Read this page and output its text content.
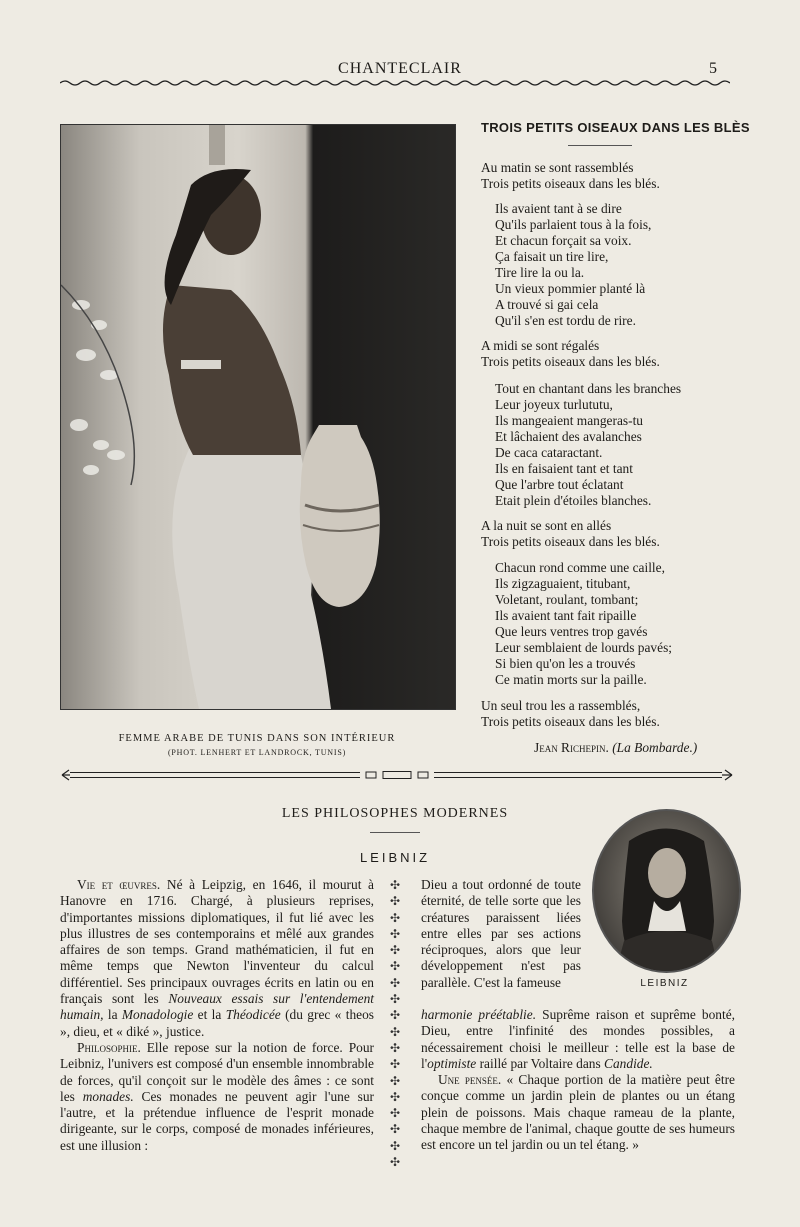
CHANTECLAIR	5
FEMME ARABE DE TUNIS DANS SON INTÉRIEUR
(PHOT. LENHERT ET LANDROCK, TUNIS)
TROIS PETITS OISEAUX DANS LES BLÈS
Au matin se sont rassemblés
Trois petits oiseaux dans les blés.
Ils avaient tant à se dire
Qu'ils parlaient tous à la fois,
Et chacun forçait sa voix.
Ça faisait un tire lire,
Tire lire la ou la.
Un vieux pommier planté là
A trouvé si gai cela
Qu'il s'en est tordu de rire.
A midi se sont régalés
Trois petits oiseaux dans les blés.
Tout en chantant dans les branches
Leur joyeux turlututu,
Ils mangeaient mangeras-tu
Et lâchaient des avalanches
De caca cataractant.
Ils en faisaient tant et tant
Que l'arbre tout éclatant
Etait plein d'étoiles blanches.
A la nuit se sont en allés
Trois petits oiseaux dans les blés.
Chacun rond comme une caille,
Ils zigzaguaient, titubant,
Voletant, roulant, tombant;
Ils avaient tant fait ripaille
Que leurs ventres trop gavés
Leur semblaient de lourds pavés;
Si bien qu'on les a trouvés
Ce matin morts sur la paille.
Un seul trou les a rassemblés,
Trois petits oiseaux dans les blés.
Jean Richepin. (La Bombarde.)
LES PHILOSOPHES MODERNES
LEIBNIZ
LEIBNIZ

Vie et œuvres. Né à Leipzig, en 1646, il mourut à Hanovre en 1716. Chargé, à plusieurs reprises, d'importantes missions diplomatiques, il fut lié avec les plus illustres de ses contemporains et mêlé aux grandes affaires de son temps. Grand mathématicien, il fut en même temps que Newton l'inventeur du calcul différentiel. Ses principaux ouvrages écrits en latin ou en français sont les Nouveaux essais sur l'entendement humain, la Monadologie et la Théodicée (du grec « theos », dieu, et « diké », justice.

Philosophie. Elle repose sur la notion de force. Pour Leibniz, l'univers est composé d'un ensemble innombrable de forces, qu'il conçoit sur le modèle des âmes : ce sont les monades. Ces monades ne peuvent agir l'une sur l'autre, et la prétendue influence de l'esprit monade dirigeante, sur le corps, composé de monades inférieures, est une illusion :

✣
✣
✣
✣
✣
✣
✣
✣
✣
✣
✣
✣
✣
✣
✣
✣
✣
✣

Dieu a tout ordonné de toute éternité, de telle sorte que les créatures paraissent liées entre elles par ses actions réciproques, alors que leur développement n'est pas parallèle. C'est la fameuse

harmonie préétablie. Suprême raison et suprême bonté, Dieu, entre l'infinité des mondes possibles, a nécessairement choisi le meilleur : telle est la base de l'optimiste raillé par Voltaire dans Candide.

Une pensée. « Chaque portion de la matière peut être conçue comme un jardin plein de plantes ou un étang plein de poissons. Mais chaque rameau de la plante, chaque membre de l'animal, chaque goutte de ses humeurs est encore un tel jardin ou un tel étang. »
